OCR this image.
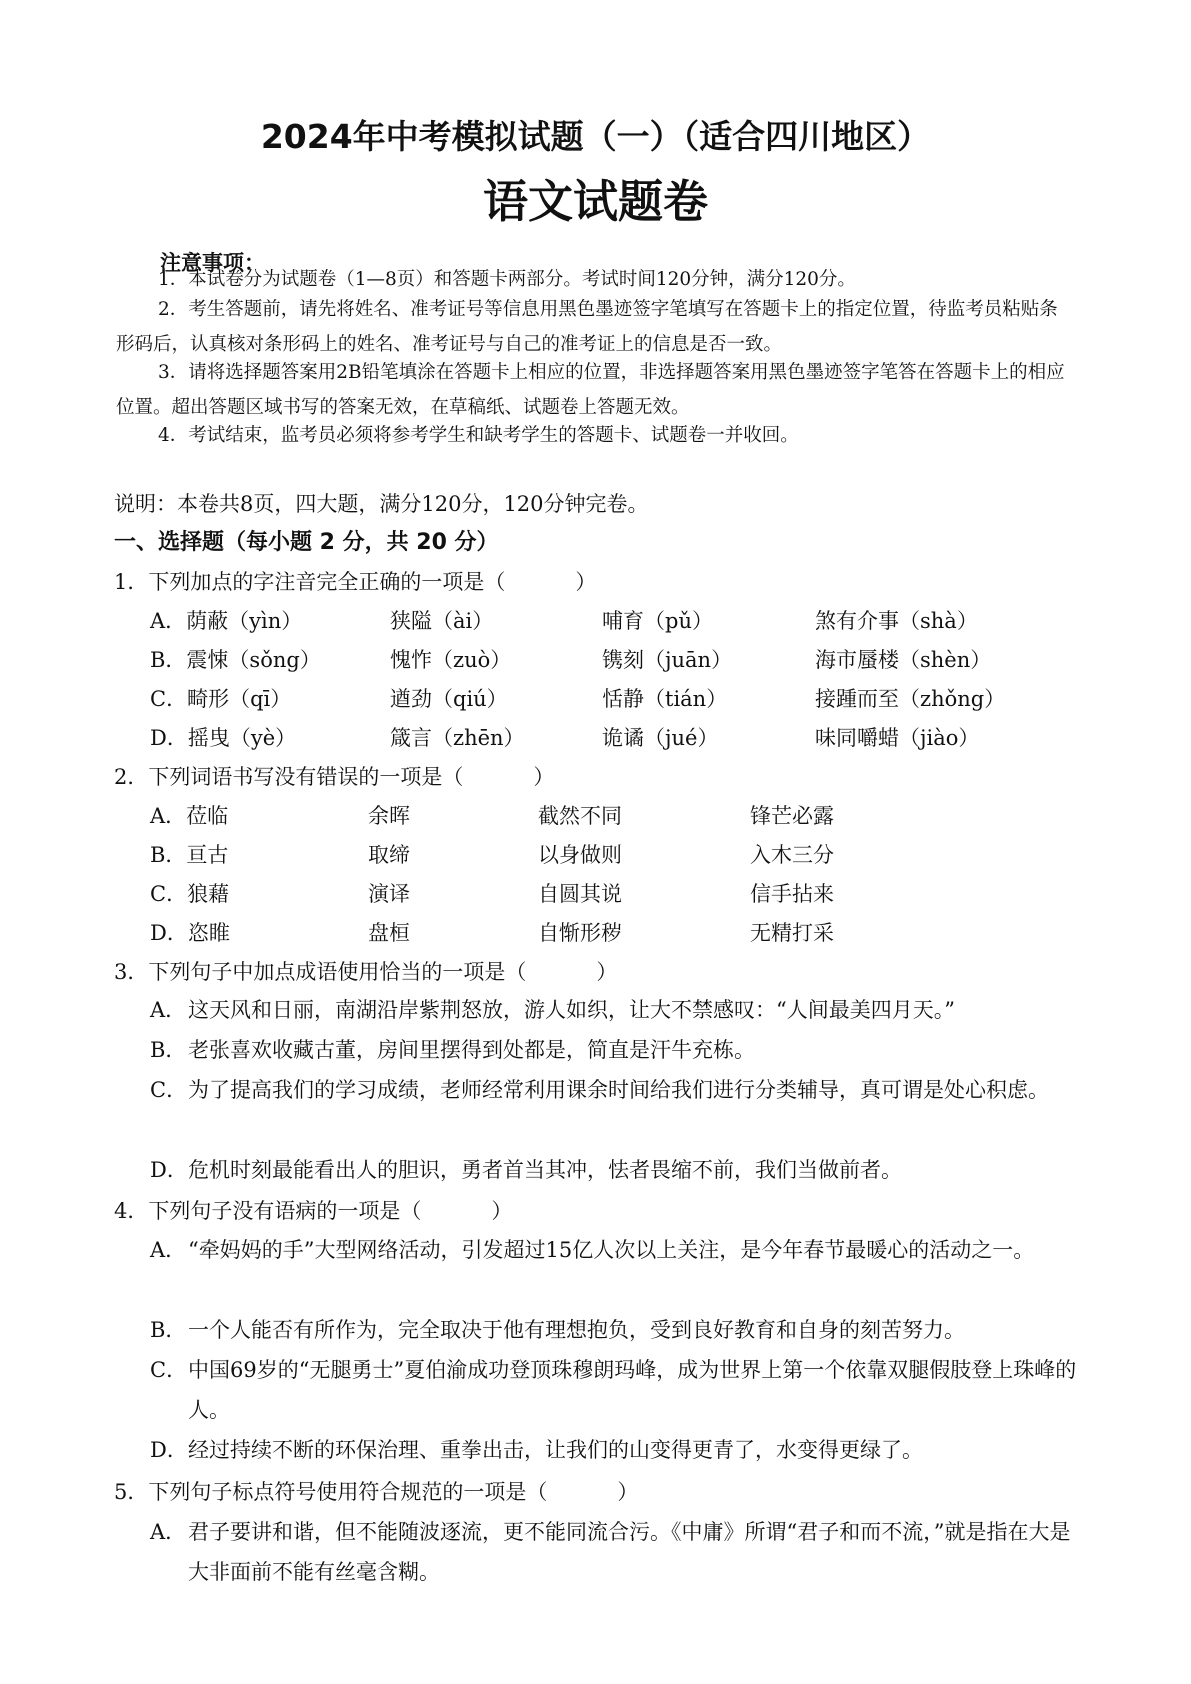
2024年中考模拟试题（一）（适合四川地区）
语文试题卷
注意事项：
1．本试卷分为试题卷（1—8页）和答题卡两部分。考试时间120分钟，满分120分。
2．考生答题前，请先将姓名、准考证号等信息用黑色墨迹签字笔填写在答题卡上的指定位置，待监考员粘贴条形码后，认真核对条形码上的姓名、准考证号与自己的准考证上的信息是否一致。
3．请将选择题答案用2B铅笔填涂在答题卡上相应的位置，非选择题答案用黑色墨迹签字笔答在答题卡上的相应位置。超出答题区域书写的答案无效，在草稿纸、试题卷上答题无效。
4．考试结束，监考员必须将参考学生和缺考学生的答题卡、试题卷一并收回。
说明：本卷共8页，四大题，满分120分，120分钟完卷。
一、选择题（每小题 2 分，共 20 分）
1．下列加点的字注音完全正确的一项是（	）
A．荫蔽（yìn）	狭隘（ài）	哺育（pǔ）	煞有介事（shà）
B．震悚（sǒng）	愧怍（zuò）	镌刻（juān）	海市蜃楼（shèn）
C．畸形（qī）	遒劲（qiú）	恬静（tián）	接踵而至（zhǒng）
D．摇曳（yè）	箴言（zhēn）	诡谲（jué）	味同嚼蜡（jiào）
2．下列词语书写没有错误的一项是（	）
A．莅临	余晖	截然不同	锋芒必露
B．亘古	取缔	以身做则	入木三分
C．狼藉	演译	自圆其说	信手拈来
D．恣睢	盘桓	自惭形秽	无精打采
3．下列句子中加点成语使用恰当的一项是（	）
A． 这天风和日丽，南湖沿岸紫荆怒放，游人如织，让大不禁感叹：“人间最美四月天。”
B． 老张喜欢收藏古董，房间里摆得到处都是，简直是汗牛充栋。
C． 为了提高我们的学习成绩，老师经常利用课余时间给我们进行分类辅导，真可谓是处心积虑。
D． 危机时刻最能看出人的胆识，勇者首当其冲，怯者畏缩不前，我们当做前者。
4．下列句子没有语病的一项是（	）
A． “牵妈妈的手”大型网络活动，引发超过15亿人次以上关注，是今年春节最暖心的活动之一。
B． 一个人能否有所作为，完全取决于他有理想抱负，受到良好教育和自身的刻苦努力。
C． 中国69岁的“无腿勇士”夏伯渝成功登顶珠穆朗玛峰，成为世界上第一个依靠双腿假肢登上珠峰的人。
D． 经过持续不断的环保治理、重拳出击，让我们的山变得更青了，水变得更绿了。
5．下列句子标点符号使用符合规范的一项是（	）
A． 君子要讲和谐，但不能随波逐流，更不能同流合污。《中庸》所谓“君子和而不流，”就是指在大是大非面前不能有丝毫含糊。
